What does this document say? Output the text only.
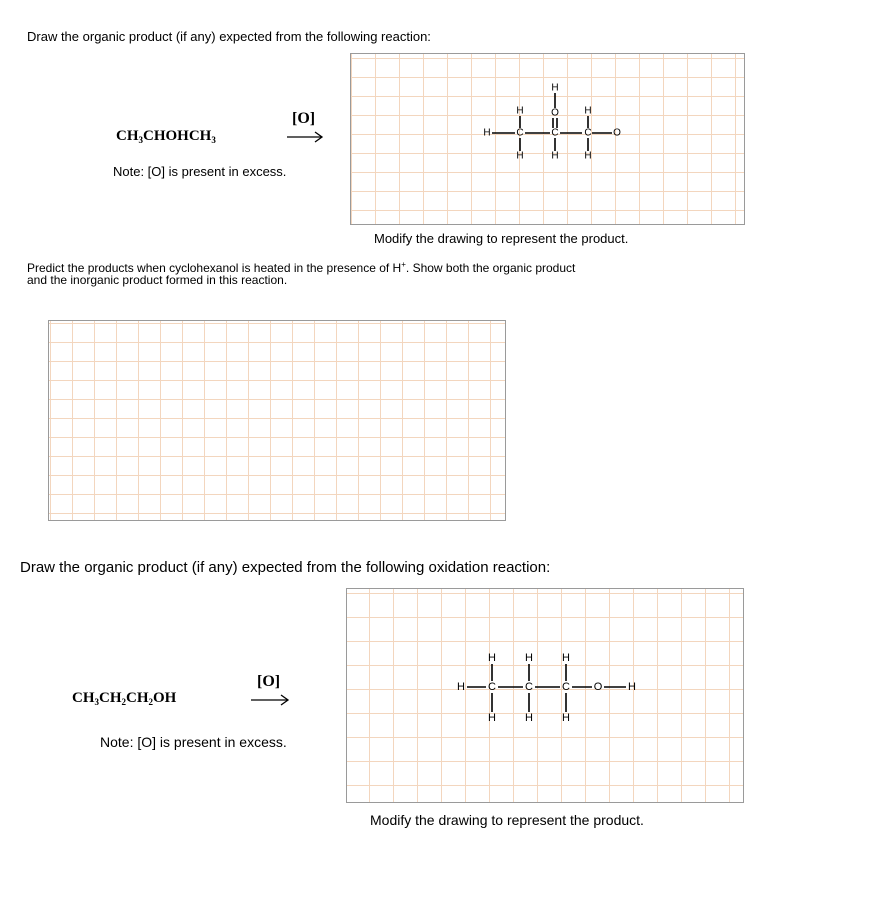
Draw the organic product (if any) expected from the following reaction:
$CH_3CHOHCH_3$
[O]
Note: [O] is present in excess.
H	C	C	C O
O
H
H	H
H	H	H
Modify the drawing to represent the product.
Predict the products when cyclohexanol is heated in the presence of H+. Show both the organic product
and the inorganic product formed in this reaction.
Draw the organic product (if any) expected from the following oxidation reaction:
$CH_3CH_2CH_2OH$
[O]
Note: [O] is present in excess.
H C	C	C O H
H	H	H
H	H	H
Modify the drawing to represent the product.
